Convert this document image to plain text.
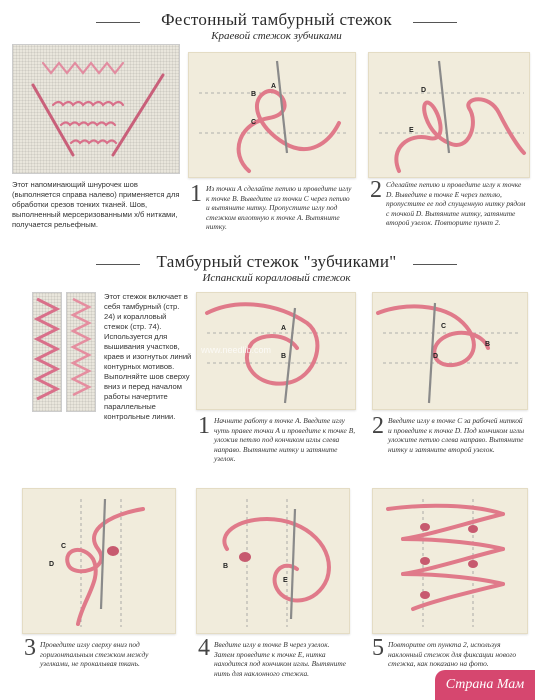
Фестонный тамбурный стежок
Краевой стежок зубчиками
Этот напоминающий шнурочек шов (выполняется справа налево) применяется для обработки срезов тонких тканей. Шов, выполненный мерсеризованными х/б нитками, получается рельефным.
A
B
C
1 Из точки А сделайте петлю и проведите иглу к точке В. Выведите из точки С через петлю и вытяните нитку. Пропустите иглу под стежком вплотную к точке А. Вытяните нитку.
D
E
2 Сделайте петлю и проведите иглу к точке D. Выведите в точке Е через петлю, пропустите ее под спущенную нитку рядом с точкой D. Вытяните нитку, затяните второй узелок. Повторите пункт 2.
Тамбурный стежок "зубчиками"
Испанский коралловый стежок
Этот стежок включает в себя тамбурный (стр. 24) и коралловый стежок (стр. 74). Используется для вышивания участков, краев и изогнутых линий контурных мотивов. Выполняйте шов сверху вниз и перед началом работы начертите параллельные контрольные линии.
A
B
www.needlib.com
1 Начните работу в точке А. Введите иглу чуть правее точки А и проведите к точке В, уложив петлю под кончиком иглы слева направо. Вытяните нитку и затяните узелок.
C
D
B
2 Введите иглу в точке С за рабочей ниткой и проведите к точке D. Под кончиком иглы уложите петлю слева направо. Вытяните нитку и затяните второй узелок.
C
D
3 Проведите иглу сверху вниз под горизонтальным стежком между узелками, не прокалывая ткань.
B
E
4 Введите иглу в точке В через узелок. Затем проведите к точке Е, нитка находится под кончиком иглы. Вытяните нить для наклонного стежка.
5 Повторите от пункта 2, используя наклонный стежок для фиксации нового стежка, как показано на фото.
Страна Мам
